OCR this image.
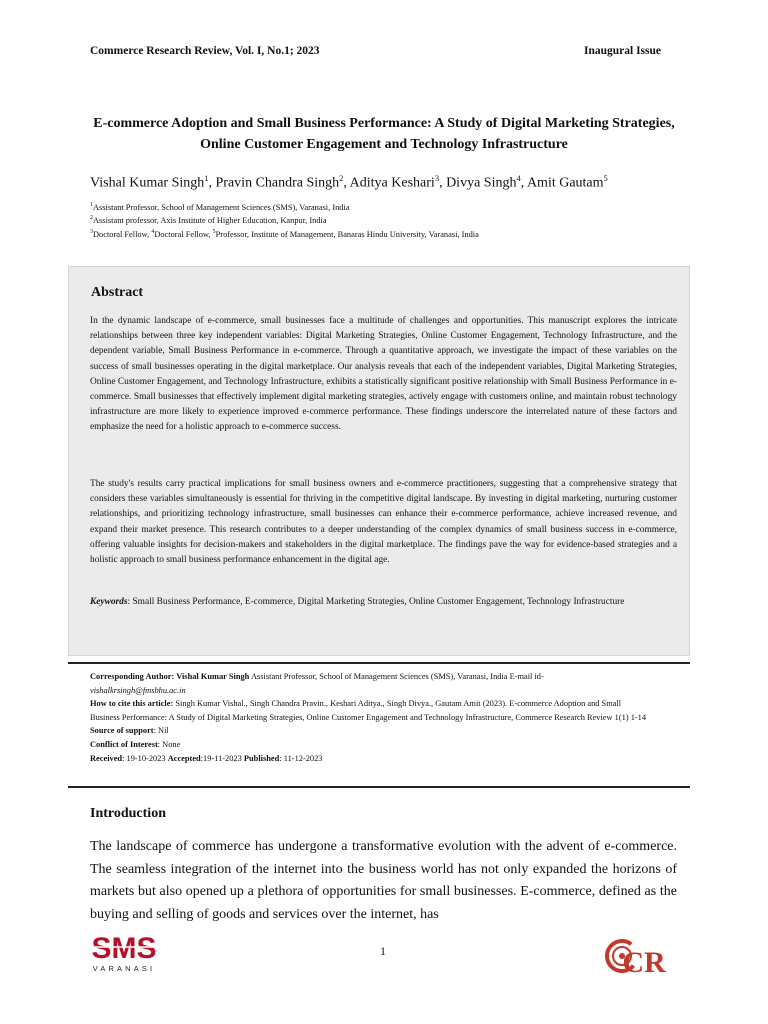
Commerce Research Review, Vol. I, No.1; 2023	Inaugural Issue
E-commerce Adoption and Small Business Performance: A Study of Digital Marketing Strategies, Online Customer Engagement and Technology Infrastructure
Vishal Kumar Singh$^1$, Pravin Chandra Singh$^2$, Aditya Keshari$^3$, Divya Singh$^4$, Amit Gautam$^5$
$^1$Assistant Professor, School of Management Sciences (SMS), Varanasi, India
$^2$Assistant professor, Axis Institute of Higher Education, Kanpur, India
$^3$Doctoral Fellow, $^4$Doctoral Fellow, $^5$Professor, Institute of Management, Banaras Hindu University, Varanasi, India
Abstract
In the dynamic landscape of e-commerce, small businesses face a multitude of challenges and opportunities. This manuscript explores the intricate relationships between three key independent variables: Digital Marketing Strategies, Online Customer Engagement, Technology Infrastructure, and the dependent variable, Small Business Performance in e-commerce. Through a quantitative approach, we investigate the impact of these variables on the success of small businesses operating in the digital marketplace. Our analysis reveals that each of the independent variables, Digital Marketing Strategies, Online Customer Engagement, and Technology Infrastructure, exhibits a statistically significant positive relationship with Small Business Performance in e-commerce. Small businesses that effectively implement digital marketing strategies, actively engage with customers online, and maintain robust technology infrastructure are more likely to experience improved e-commerce performance. These findings underscore the interrelated nature of these factors and emphasize the need for a holistic approach to e-commerce success.
The study's results carry practical implications for small business owners and e-commerce practitioners, suggesting that a comprehensive strategy that considers these variables simultaneously is essential for thriving in the competitive digital landscape. By investing in digital marketing, nurturing customer relationships, and prioritizing technology infrastructure, small businesses can enhance their e-commerce performance, achieve increased revenue, and expand their market presence. This research contributes to a deeper understanding of the complex dynamics of small business success in e-commerce, offering valuable insights for decision-makers and stakeholders in the digital marketplace. The findings pave the way for evidence-based strategies and a holistic approach to small business performance enhancement in the digital age.
Keywords: Small Business Performance, E-commerce, Digital Marketing Strategies, Online Customer Engagement, Technology Infrastructure
Corresponding Author: Vishal Kumar Singh Assistant Professor, School of Management Sciences (SMS), Varanasi, India E-mail id-
vishalkrsingh@fmsbhu.ac.in
How to cite this article: Singh Kumar Vishal., Singh Chandra Pravin., Keshari Aditya., Singh Divya., Gautam Amit (2023). E-commerce Adoption and Small Business Performance: A Study of Digital Marketing Strategies, Online Customer Engagement and Technology Infrastructure, Commerce Research Review 1(1) 1-14
Source of support: Nil
Conflict of Interest: None
Received: 19-10-2023 Accepted:19-11-2023 Published: 11-12-2023
Introduction
The landscape of commerce has undergone a transformative evolution with the advent of e-commerce. The seamless integration of the internet into the business world has not only expanded the horizons of markets but also opened up a plethora of opportunities for small businesses. E-commerce, defined as the buying and selling of goods and services over the internet, has
SMS
VARANASI
1	CR
